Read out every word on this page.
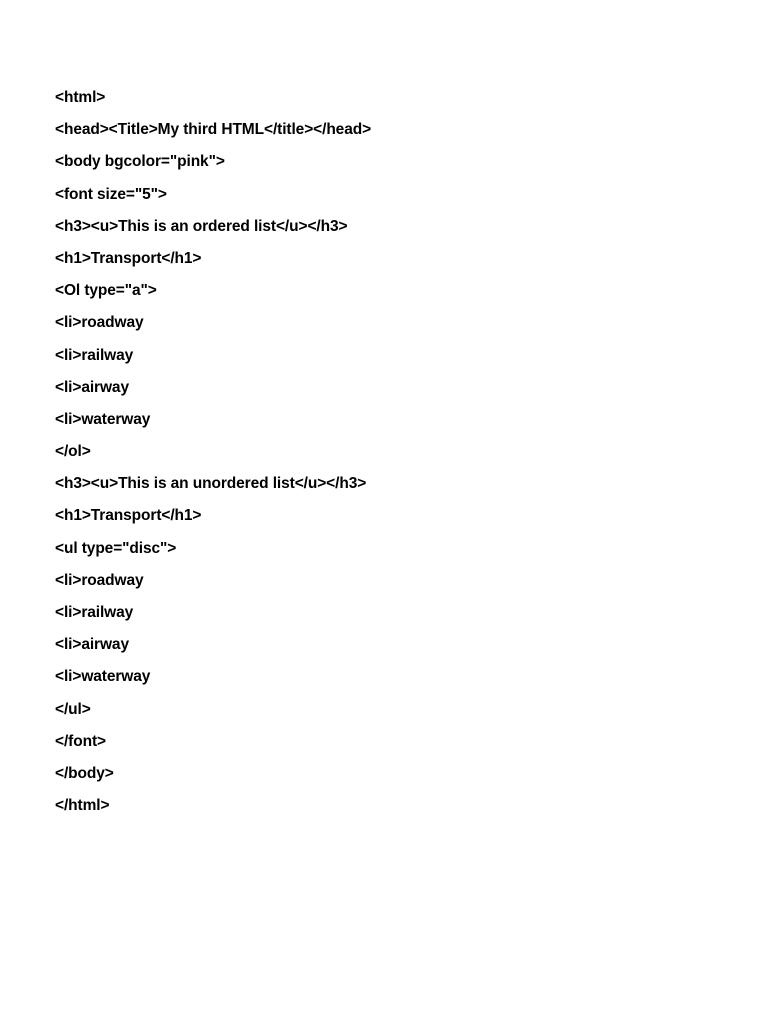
<html>
<head><Title>My third HTML</title></head>
<body bgcolor="pink">
<font size="5">
<h3><u>This is an ordered list</u></h3>
<h1>Transport</h1>
<Ol type="a">
<li>roadway
<li>railway
<li>airway
<li>waterway
</ol>
<h3><u>This is an unordered list</u></h3>
<h1>Transport</h1>
<ul type="disc">
<li>roadway
<li>railway
<li>airway
<li>waterway
</ul>
</font>
</body>
</html>
